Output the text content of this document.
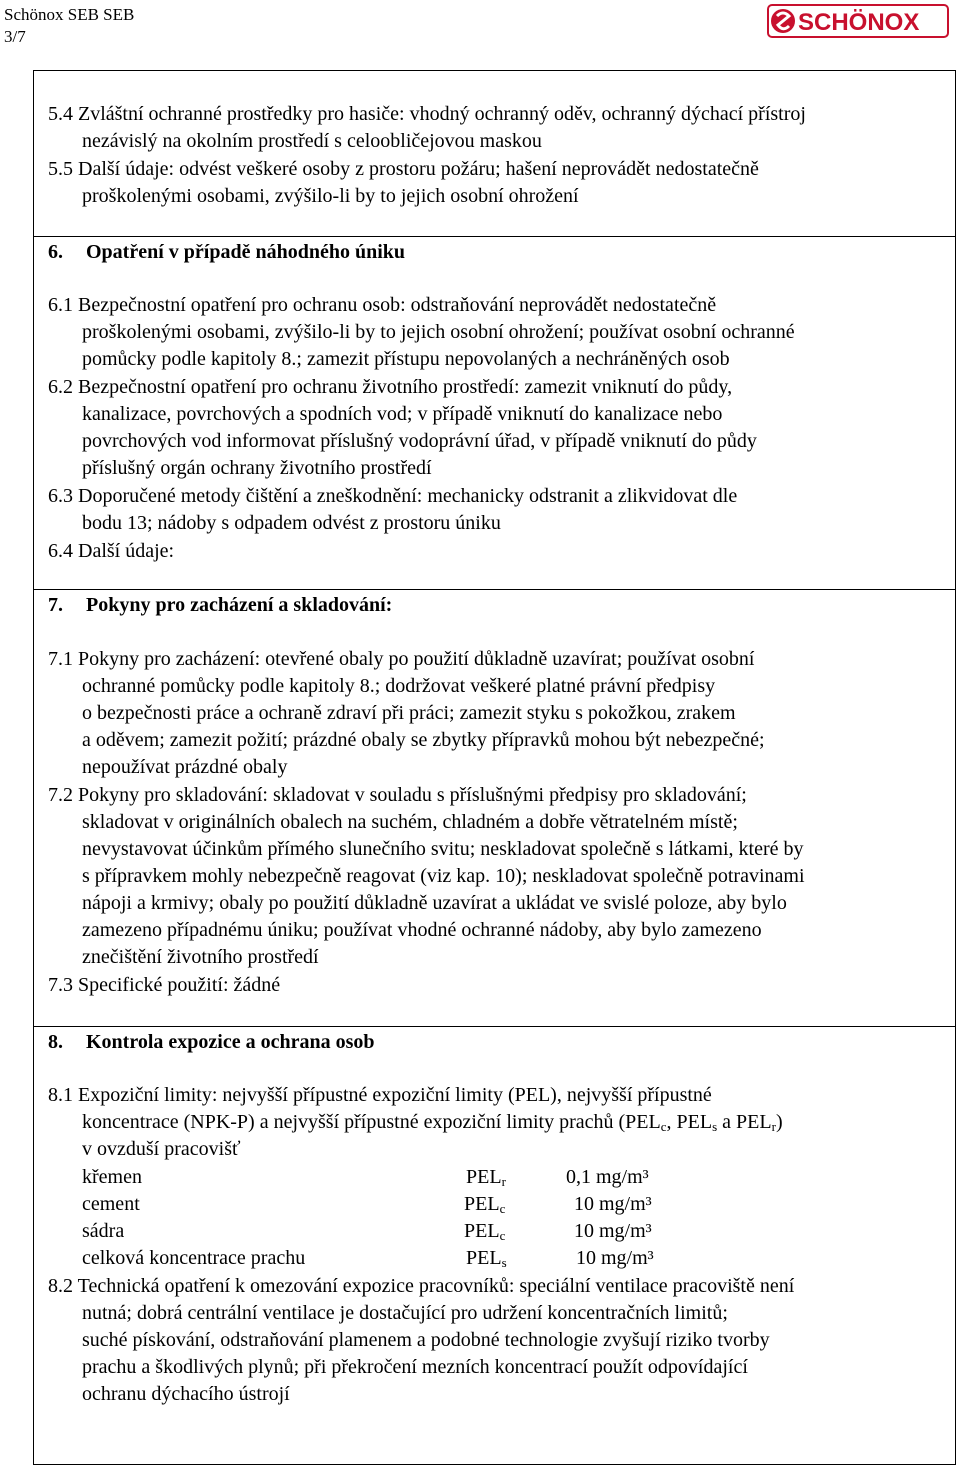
Schönox SEB SEB
3/7
SCHÖNOX
5.4 Zvláštní ochranné prostředky pro hasiče: vhodný ochranný oděv, ochranný dýchací přístroj
nezávislý na okolním prostředí s celoobličejovou maskou
5.5 Další údaje: odvést veškeré osoby z prostoru požáru; hašení neprovádět nedostatečně
proškolenými osobami, zvýšilo-li by to jejich osobní ohrožení
6. Opatření v případě náhodného úniku
6.1 Bezpečnostní opatření pro ochranu osob: odstraňování neprovádět nedostatečně
proškolenými osobami, zvýšilo-li by to jejich osobní ohrožení; používat osobní ochranné
pomůcky podle kapitoly 8.; zamezit přístupu nepovolaných a nechráněných osob
6.2 Bezpečnostní opatření pro ochranu životního prostředí: zamezit vniknutí do půdy,
kanalizace, povrchových a spodních vod; v případě vniknutí do kanalizace nebo
povrchových vod informovat příslušný vodoprávní úřad, v případě vniknutí do půdy
příslušný orgán ochrany životního prostředí
6.3 Doporučené metody čištění a zneškodnění: mechanicky odstranit a zlikvidovat dle
bodu 13; nádoby s odpadem odvést z prostoru úniku
6.4 Další údaje:
7. Pokyny pro zacházení a skladování:
7.1 Pokyny pro zacházení: otevřené obaly po použití důkladně uzavírat; používat osobní
ochranné pomůcky podle kapitoly 8.; dodržovat veškeré platné právní předpisy
o bezpečnosti práce a ochraně zdraví při práci; zamezit styku s pokožkou, zrakem
a oděvem; zamezit požití; prázdné obaly se zbytky přípravků mohou být nebezpečné;
nepoužívat prázdné obaly
7.2 Pokyny pro skladování: skladovat v souladu s příslušnými předpisy pro skladování;
skladovat v originálních obalech na suchém, chladném a dobře větratelném místě;
nevystavovat účinkům přímého slunečního svitu; neskladovat společně s látkami, které by
s přípravkem mohly nebezpečně reagovat (viz kap. 10); neskladovat společně potravinami
nápoji a krmivy; obaly po použití důkladně uzavírat a ukládat ve svislé poloze, aby bylo
zamezeno případnému úniku; používat vhodné ochranné nádoby, aby bylo zamezeno
znečištění životního prostředí
7.3 Specifické použití: žádné
8. Kontrola expozice a ochrana osob
8.1 Expoziční limity: nejvyšší přípustné expoziční limity (PEL), nejvyšší přípustné
koncentrace (NPK-P) a nejvyšší přípustné expoziční limity prachů ($PEL_c$, $PEL_s$ a $PEL_r$)
v ovzduší pracovišť
křemen	$PEL_r$	0,1 mg/m³
cement	$PEL_c$	10 mg/m³
sádra	$PEL_c$	10 mg/m³
celková koncentrace prachu	$PEL_s$	10 mg/m³
8.2 Technická opatření k omezování expozice pracovníků: speciální ventilace pracoviště není
nutná; dobrá centrální ventilace je dostačující pro udržení koncentračních limitů;
suché pískování, odstraňování plamenem a podobné technologie zvyšují riziko tvorby
prachu a škodlivých plynů; při překročení mezních koncentrací použít odpovídající
ochranu dýchacího ústrojí
